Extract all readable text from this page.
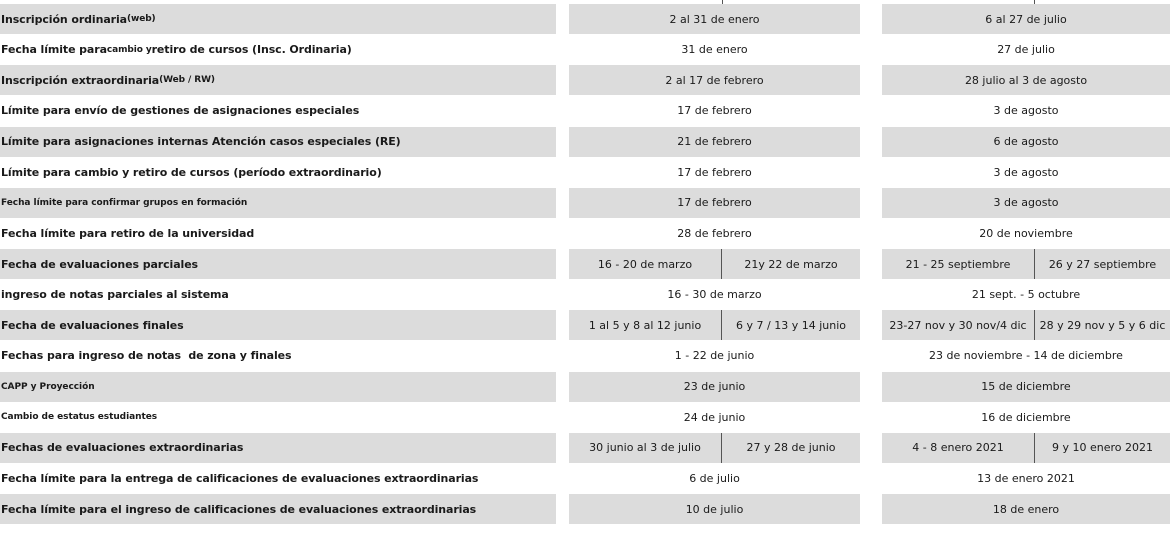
Inscripción ordinaria (web)	2 al 31 de enero	6 al 27 de julio
Fecha límite para cambio y retiro de cursos (Insc. Ordinaria)	31 de enero	27 de julio
Inscripción extraordinaria (Web / RW)	2 al 17 de febrero	28 julio al 3 de agosto
Límite para envío de gestiones de asignaciones especiales	17 de febrero	3 de agosto
Límite para asignaciones internas Atención casos especiales (RE)	21 de febrero	6 de agosto
Límite para cambio y retiro de cursos (período extraordinario)	17 de febrero	3 de agosto
Fecha límite para confirmar grupos en formación	17 de febrero	3 de agosto
Fecha límite para retiro de la universidad	28 de febrero	20 de noviembre
Fecha de evaluaciones parciales	16 - 20 de marzo	21y 22 de marzo	21 - 25 septiembre	26 y 27 septiembre
ingreso de notas parciales al sistema	16 - 30 de marzo	21 sept. - 5 octubre
Fecha de evaluaciones finales	1 al 5 y 8 al 12 junio	6 y 7 / 13 y 14 junio	23-27 nov y 30 nov/4 dic	28 y 29 nov y 5 y 6 dic
Fechas para ingreso de notas  de zona y finales	1 - 22 de junio	23 de noviembre - 14 de diciembre
CAPP y Proyección	23 de junio	15 de diciembre
Cambio de estatus estudiantes	24 de junio	16 de diciembre
Fechas de evaluaciones extraordinarias	30 junio al 3 de julio	27 y 28 de junio	4 - 8 enero 2021	9 y 10 enero 2021
Fecha límite para la entrega de calificaciones de evaluaciones extraordinarias	6 de julio	13 de enero 2021
Fecha límite para el ingreso de calificaciones de evaluaciones extraordinarias	10 de julio	18 de enero
